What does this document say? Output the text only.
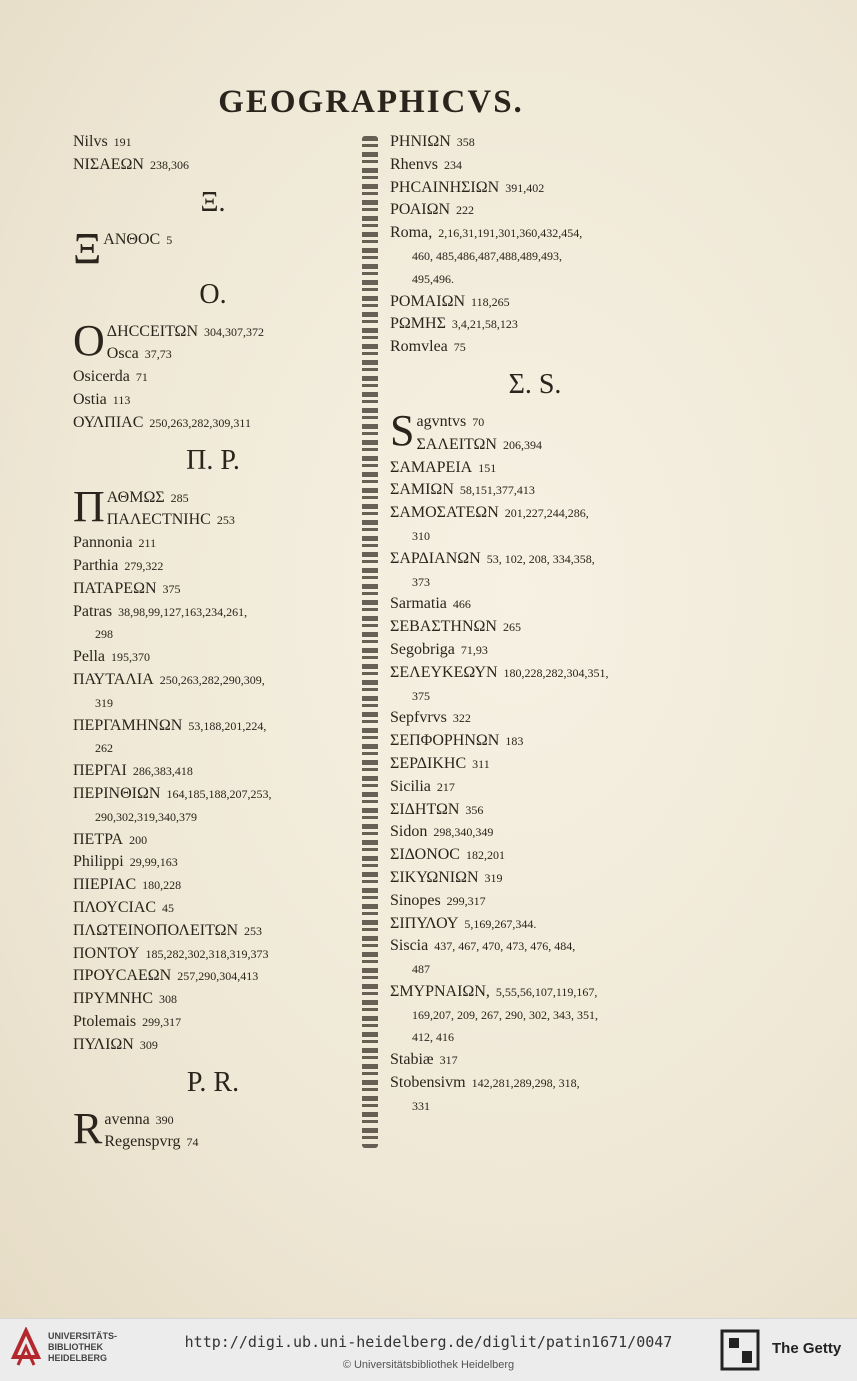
GEOGRAPHICVS.
Nilvs 191
ΝΙΣΑΕΩΝ 238,306
Ξ.
Ξ ΑΝΘΟC 5
O.
O ΔΗCCΕΙΤΩΝ 304,307,372
Osca 37,73
Osicerda 71
Ostia 113
ΟΥΛΠΙΑC 250,263,282,309,311
Π. P.
Π ΑΘΜΩΣ 285
ΠΑΛΕCΤΝΙΗC 253
Pannonia 211
Parthia 279,322
ΠΑΤΑΡΕΩΝ 375
Patras 38,98,99,127,163,234,261,
298
Pella 195,370
ΠΑΥΤΑΛΙΑ 250,263,282,290,309,
319
ΠΕΡΓΑΜΗΝΩΝ 53,188,201,224,
262
ΠΕΡΓΑΙ 286,383,418
ΠΕΡΙΝΘΙΩΝ 164,185,188,207,253,
290,302,319,340,379
ΠΕΤΡΑ 200
Philippi 29,99,163
ΠΙΕΡΙΑC 180,228
ΠΛΟΥCΙΑC 45
ΠΛΩΤΕΙΝΟΠΟΛΕΙΤΩΝ 253
ΠΟΝΤΟΥ 185,282,302,318,319,373
ΠΡΟΥCΑΕΩΝ 257,290,304,413
ΠΡΥΜΝΗC 308
Ptolemais 299,317
ΠΥΛΙΩΝ 309
P. R.
R avenna 390
Regenspvrg 74
ΡΗΝΙΩΝ 358
Rhenvs 234
ΡΗCΑΙΝΗΣΙΩΝ 391,402
ΡΟΑΙΩΝ 222
Roma, 2,16,31,191,301,360,432,454,
460, 485,486,487,488,489,493,
495,496.
ΡΟΜΑΙΩΝ 118,265
ΡΩΜΗΣ 3,4,21,58,123
Romvlea 75
Σ. S.
S agvntvs 70
ΣΑΛΕΙΤΩΝ 206,394
ΣΑΜΑΡΕΙΑ 151
ΣΑΜΙΩΝ 58,151,377,413
ΣΑΜΟΣΑΤΕΩΝ 201,227,244,286,
310
ΣΑΡΔΙΑΝΩΝ 53, 102, 208, 334,358,
373
Sarmatia 466
ΣΕΒΑΣΤΗΝΩΝ 265
Segobriga 71,93
ΣΕΛΕΥΚΕΩΥΝ 180,228,282,304,351,
375
Sepfvrvs 322
ΣΕΠΦΟΡΗΝΩΝ 183
ΣΕΡΔΙΚΗC 311
Sicilia 217
ΣΙΔΗΤΩΝ 356
Sidon 298,340,349
ΣΙΔΟΝΟC 182,201
ΣΙΚΥΩΝΙΩΝ 319
Sinopes 299,317
ΣΙΠΥΛΟΥ 5,169,267,344.
Siscia 437, 467, 470, 473, 476, 484,
487
ΣΜΥΡΝΑΙΩΝ, 5,55,56,107,119,167,
169,207, 209, 267, 290, 302, 343, 351,
412, 416
Stabiæ 317
Stobensivm 142,281,289,298, 318,
331
UNIVERSITÄTS-
BIBLIOTHEK
HEIDELBERG
http://digi.ub.uni-heidelberg.de/diglit/patin1671/0047
© Universitätsbibliothek Heidelberg
The Getty
